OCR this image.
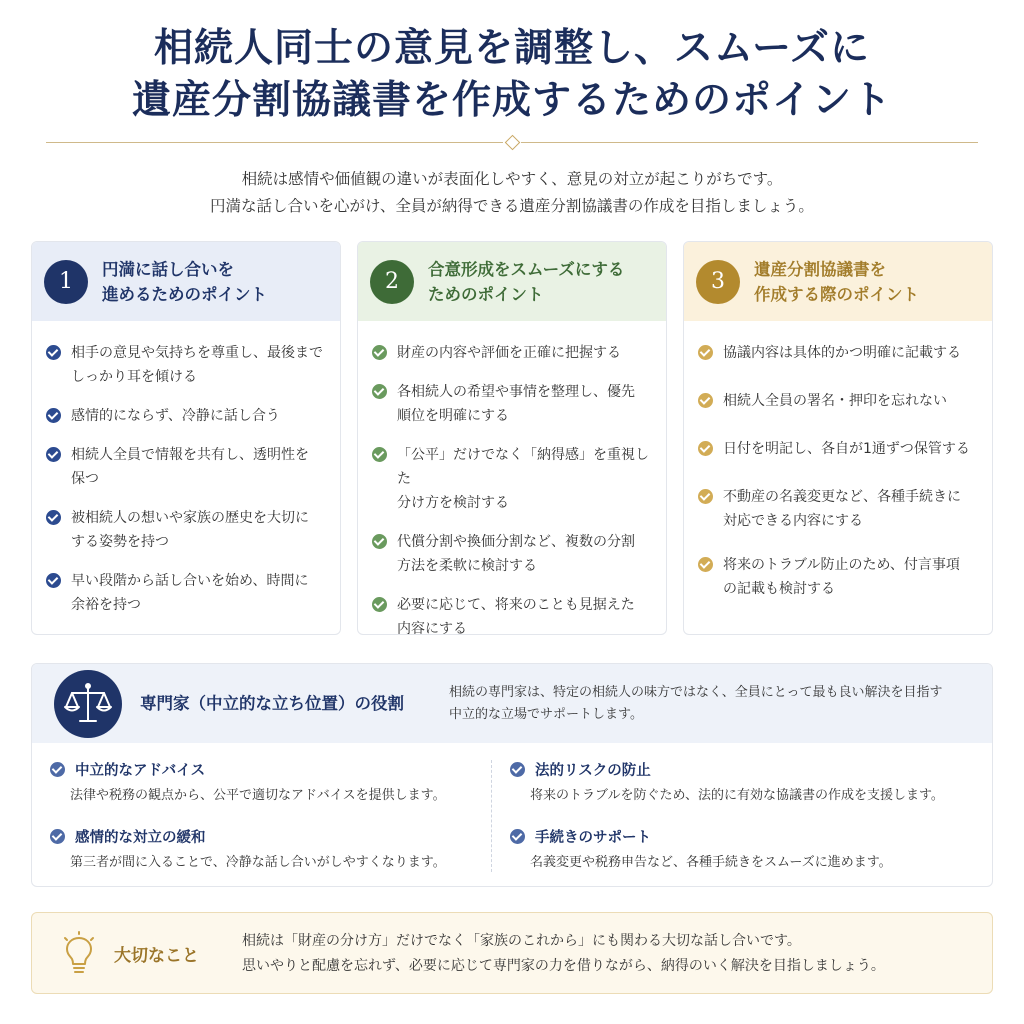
相続人同士の意見を調整し、スムーズに
遺産分割協議書を作成するためのポイント
相続は感情や価値観の違いが表面化しやすく、意見の対立が起こりがちです。
円満な話し合いを心がけ、全員が納得できる遺産分割協議書の作成を目指しましょう。
1	円満に話し合いを
進めるためのポイント
相手の意見や気持ちを尊重し、最後まで
しっかり耳を傾ける
感情的にならず、冷静に話し合う
相続人全員で情報を共有し、透明性を
保つ
被相続人の想いや家族の歴史を大切に
する姿勢を持つ
早い段階から話し合いを始め、時間に
余裕を持つ
2	合意形成をスムーズにする
ためのポイント
財産の内容や評価を正確に把握する
各相続人の希望や事情を整理し、優先
順位を明確にする
「公平」だけでなく「納得感」を重視した
分け方を検討する
代償分割や換価分割など、複数の分割
方法を柔軟に検討する
必要に応じて、将来のことも見据えた
内容にする
3	遺産分割協議書を
作成する際のポイント
協議内容は具体的かつ明確に記載する
相続人全員の署名・押印を忘れない
日付を明記し、各自が1通ずつ保管する
不動産の名義変更など、各種手続きに
対応できる内容にする
将来のトラブル防止のため、付言事項
の記載も検討する
専門家（中立的な立ち位置）の役割
相続の専門家は、特定の相続人の味方ではなく、全員にとって最も良い解決を目指す
中立的な立場でサポートします。
中立的なアドバイス
法律や税務の観点から、公平で適切なアドバイスを提供します。
法的リスクの防止
将来のトラブルを防ぐため、法的に有効な協議書の作成を支援します。
感情的な対立の緩和
第三者が間に入ることで、冷静な話し合いがしやすくなります。
手続きのサポート
名義変更や税務申告など、各種手続きをスムーズに進めます。
大切なこと
相続は「財産の分け方」だけでなく「家族のこれから」にも関わる大切な話し合いです。
思いやりと配慮を忘れず、必要に応じて専門家の力を借りながら、納得のいく解決を目指しましょう。
